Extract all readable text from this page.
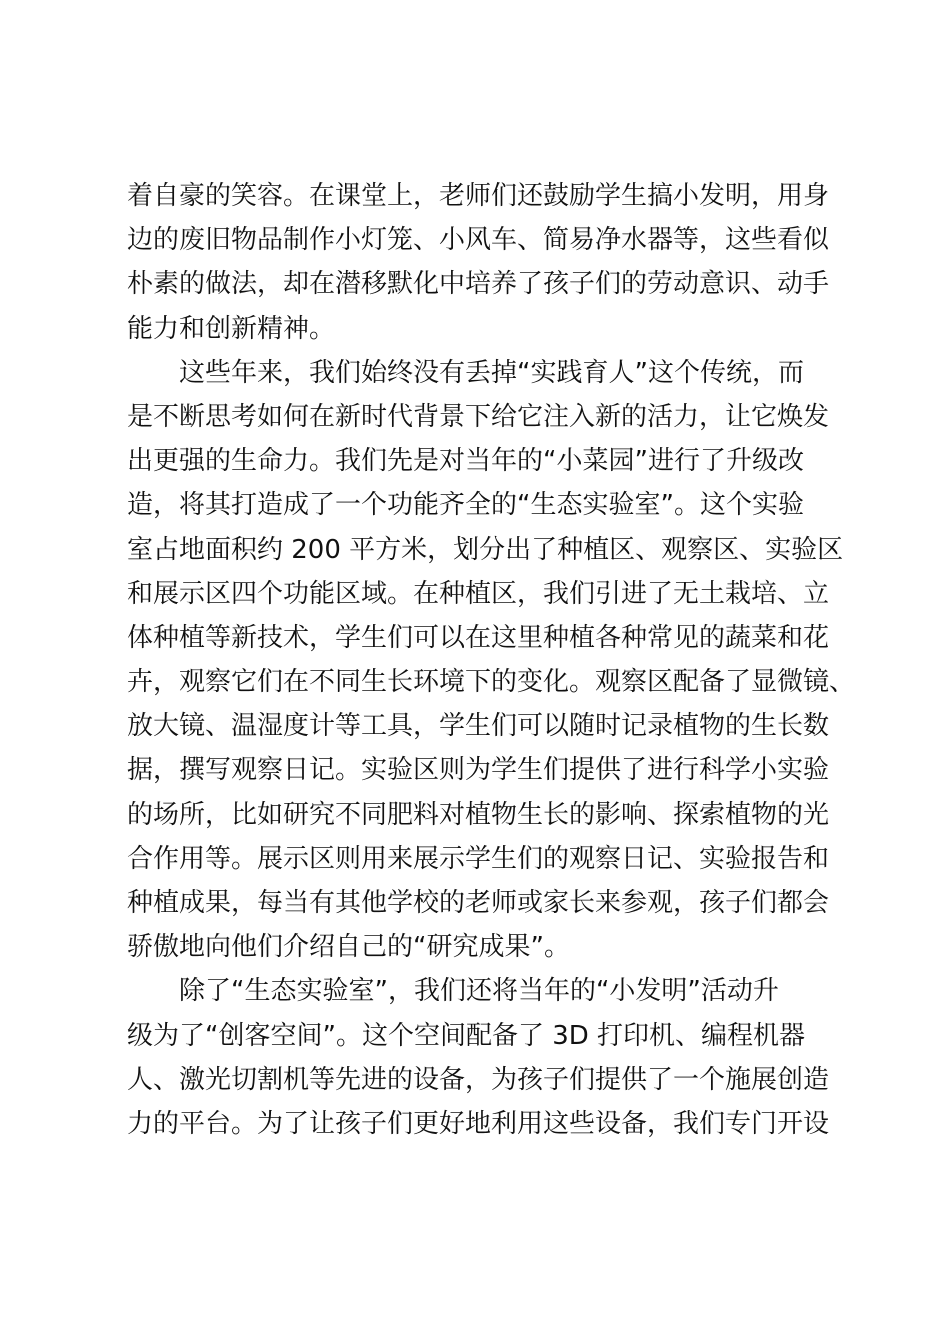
着自豪的笑容。在课堂上，老师们还鼓励学生搞小发明，用身
边的废旧物品制作小灯笼、小风车、简易净水器等，这些看似
朴素的做法，却在潜移默化中培养了孩子们的劳动意识、动手
能力和创新精神。
这些年来，我们始终没有丢掉“实践育人”这个传统，而
是不断思考如何在新时代背景下给它注入新的活力，让它焕发
出更强的生命力。我们先是对当年的“小菜园”进行了升级改
造，将其打造成了一个功能齐全的“生态实验室”。这个实验
室占地面积约 200 平方米，划分出了种植区、观察区、实验区
和展示区四个功能区域。在种植区，我们引进了无土栽培、立
体种植等新技术，学生们可以在这里种植各种常见的蔬菜和花
卉，观察它们在不同生长环境下的变化。观察区配备了显微镜、
放大镜、温湿度计等工具，学生们可以随时记录植物的生长数
据，撰写观察日记。实验区则为学生们提供了进行科学小实验
的场所，比如研究不同肥料对植物生长的影响、探索植物的光
合作用等。展示区则用来展示学生们的观察日记、实验报告和
种植成果，每当有其他学校的老师或家长来参观，孩子们都会
骄傲地向他们介绍自己的“研究成果”。
除了“生态实验室”，我们还将当年的“小发明”活动升
级为了“创客空间”。这个空间配备了 3D 打印机、编程机器
人、激光切割机等先进的设备，为孩子们提供了一个施展创造
力的平台。为了让孩子们更好地利用这些设备，我们专门开设
